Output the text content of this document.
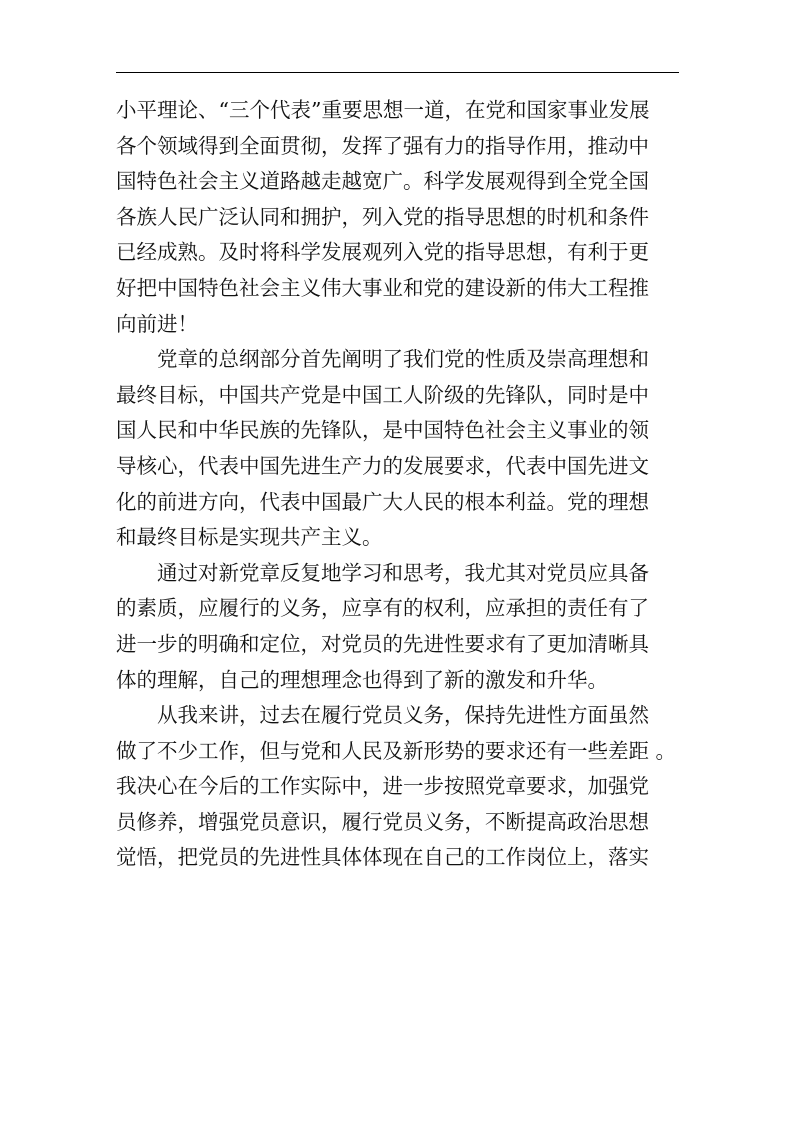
小平理论、“三个代表”重要思想一道，在党和国家事业发展
各个领域得到全面贯彻，发挥了强有力的指导作用，推动中
国特色社会主义道路越走越宽广。科学发展观得到全党全国
各族人民广泛认同和拥护，列入党的指导思想的时机和条件
已经成熟。及时将科学发展观列入党的指导思想，有利于更
好把中国特色社会主义伟大事业和党的建设新的伟大工程推
向前进！
　　党章的总纲部分首先阐明了我们党的性质及崇高理想和
最终目标，中国共产党是中国工人阶级的先锋队，同时是中
国人民和中华民族的先锋队，是中国特色社会主义事业的领
导核心，代表中国先进生产力的发展要求，代表中国先进文
化的前进方向，代表中国最广大人民的根本利益。党的理想
和最终目标是实现共产主义。
　　通过对新党章反复地学习和思考，我尤其对党员应具备
的素质，应履行的义务，应享有的权利，应承担的责任有了
进一步的明确和定位，对党员的先进性要求有了更加清晰具
体的理解，自己的理想理念也得到了新的激发和升华。
　　从我来讲，过去在履行党员义务，保持先进性方面虽然
做了不少工作，但与党和人民及新形势的要求还有一些差距 。
我决心在今后的工作实际中，进一步按照党章要求，加强党
员修养，增强党员意识，履行党员义务，不断提高政治思想
觉悟，把党员的先进性具体体现在自己的工作岗位上，落实
